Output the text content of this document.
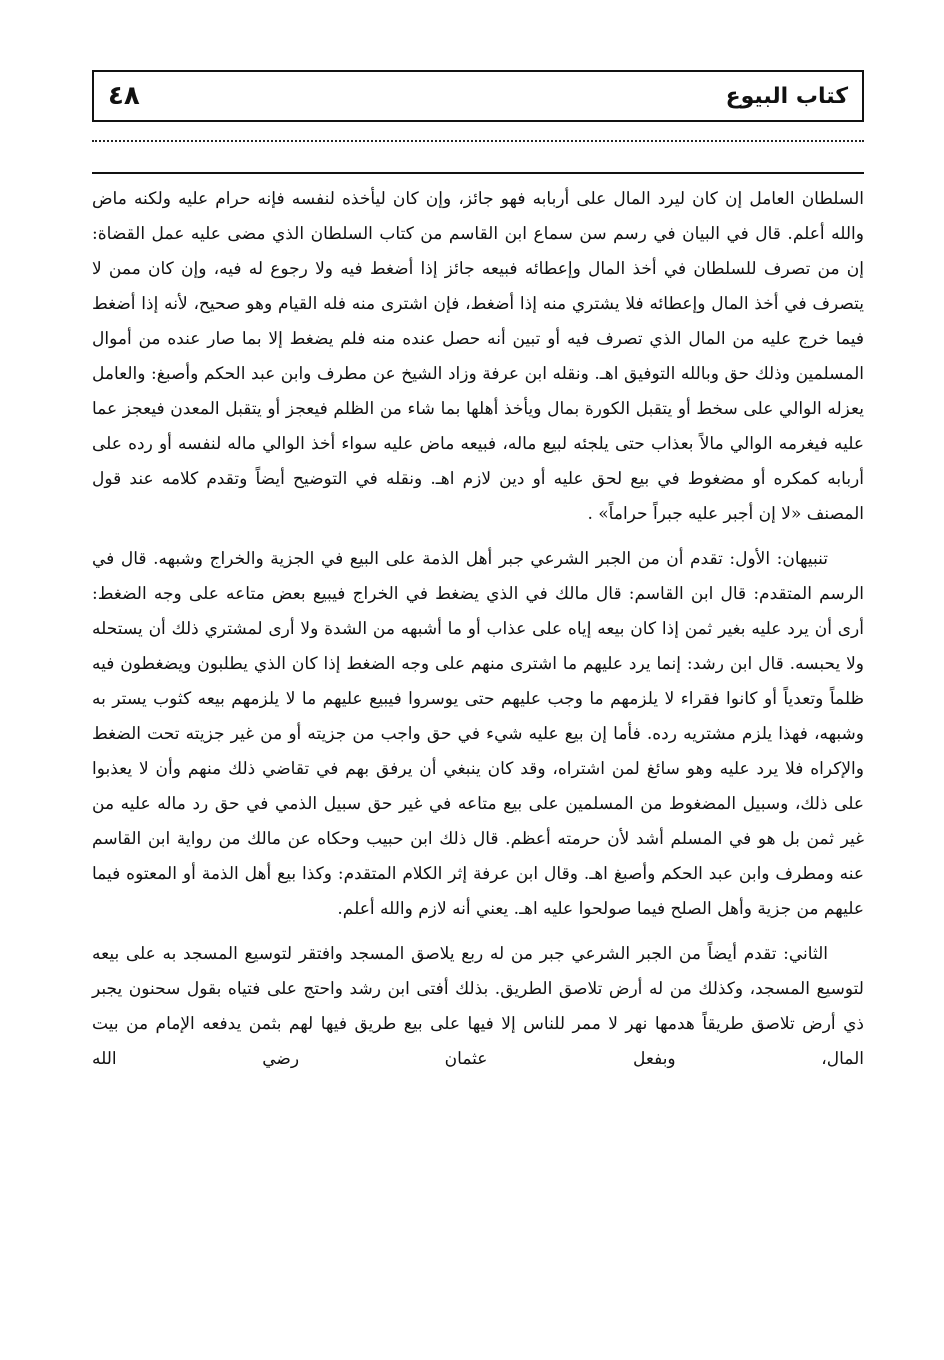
كتاب البيوع
٤٨

السلطان العامل إن كان ليرد المال على أربابه فهو جائز، وإن كان ليأخذه لنفسه فإنه حرام عليه ولكنه ماض والله أعلم. قال في البيان في رسم سن سماع ابن القاسم من كتاب السلطان الذي مضى عليه عمل القضاة: إن من تصرف للسلطان في أخذ المال وإعطائه فبيعه جائز إذا أضغط فيه ولا رجوع له فيه، وإن كان ممن لا يتصرف في أخذ المال وإعطائه فلا يشتري منه إذا أضغط، فإن اشترى منه فله القيام وهو صحيح، لأنه إذا أضغط فيما خرج عليه من المال الذي تصرف فيه أو تبين أنه حصل عنده منه فلم يضغط إلا بما صار عنده من أموال المسلمين وذلك حق وبالله التوفيق اهـ. ونقله ابن عرفة وزاد الشيخ عن مطرف وابن عبد الحكم وأصبغ: والعامل يعزله الوالي على سخط أو يتقبل الكورة بمال ويأخذ أهلها بما شاء من الظلم فيعجز أو يتقبل المعدن فيعجز عما عليه فيغرمه الوالي مالاً بعذاب حتى يلجئه لبيع ماله، فبيعه ماض عليه سواء أخذ الوالي ماله لنفسه أو رده على أربابه كمكره أو مضغوط في بيع لحق عليه أو دين لازم اهـ. ونقله في التوضيح أيضاً وتقدم كلامه عند قول المصنف «لا إن أجبر عليه جبراً حراماً» .

تنبيهان: الأول: تقدم أن من الجبر الشرعي جبر أهل الذمة على البيع في الجزية والخراج وشبهه. قال في الرسم المتقدم: قال ابن القاسم: قال مالك في الذي يضغط في الخراج فيبيع بعض متاعه على وجه الضغط: أرى أن يرد عليه بغير ثمن إذا كان بيعه إياه على عذاب أو ما أشبهه من الشدة ولا أرى لمشتري ذلك أن يستحله ولا يحبسه. قال ابن رشد: إنما يرد عليهم ما اشترى منهم على وجه الضغط إذا كان الذي يطلبون ويضغطون فيه ظلماً وتعدياً أو كانوا فقراء لا يلزمهم ما وجب عليهم حتى يوسروا فيبيع عليهم ما لا يلزمهم بيعه كثوب يستر به وشبهه، فهذا يلزم مشتريه رده. فأما إن بيع عليه شيء في حق واجب من جزيته أو من غير جزيته تحت الضغط والإكراه فلا يرد عليه وهو سائغ لمن اشتراه، وقد كان ينبغي أن يرفق بهم في تقاضي ذلك منهم وأن لا يعذبوا على ذلك، وسبيل المضغوط من المسلمين على بيع متاعه في غير حق سبيل الذمي في حق رد ماله عليه من غير ثمن بل هو في المسلم أشد لأن حرمته أعظم. قال ذلك ابن حبيب وحكاه عن مالك من رواية ابن القاسم عنه ومطرف وابن عبد الحكم وأصبغ اهـ. وقال ابن عرفة إثر الكلام المتقدم: وكذا بيع أهل الذمة أو المعتوه فيما عليهم من جزية وأهل الصلح فيما صولحوا عليه اهـ. يعني أنه لازم والله أعلم.

الثاني: تقدم أيضاً من الجبر الشرعي جبر من له ربع يلاصق المسجد وافتقر لتوسيع المسجد به على بيعه لتوسيع المسجد، وكذلك من له أرض تلاصق الطريق. بذلك أفتى ابن رشد واحتج على فتياه بقول سحنون يجبر ذي أرض تلاصق طريقاً هدمها نهر لا ممر للناس إلا فيها على بيع طريق فيها لهم بثمن يدفعه الإمام من بيت المال، وبفعل عثمان رضي الله
